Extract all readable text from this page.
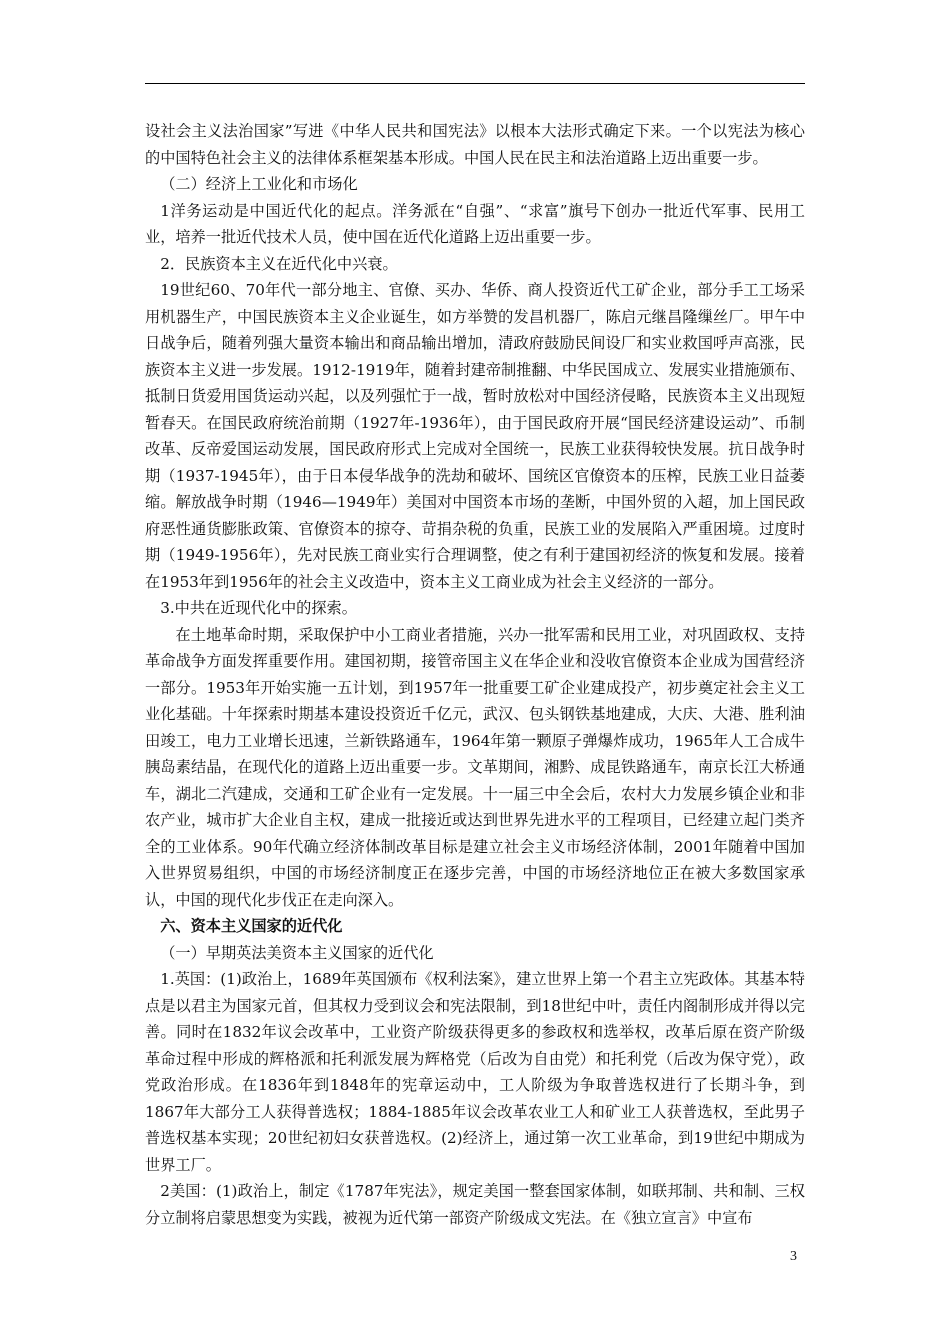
设社会主义法治国家”写进《中华人民共和国宪法》以根本大法形式确定下来。一个以宪法为核心的中国特色社会主义的法律体系框架基本形成。中国人民在民主和法治道路上迈出重要一步。

（二）经济上工业化和市场化

1洋务运动是中国近代化的起点。洋务派在“自强”、“求富”旗号下创办一批近代军事、民用工业，培养一批近代技术人员，使中国在近代化道路上迈出重要一步。

2．民族资本主义在近代化中兴衰。

19世纪60、70年代一部分地主、官僚、买办、华侨、商人投资近代工矿企业，部分手工工场采用机器生产，中国民族资本主义企业诞生，如方举赞的发昌机器厂，陈启元继昌隆缫丝厂。甲午中日战争后，随着列强大量资本输出和商品输出增加，清政府鼓励民间设厂和实业救国呼声高涨，民族资本主义进一步发展。1912-1919年，随着封建帝制推翻、中华民国成立、发展实业措施颁布、抵制日货爱用国货运动兴起，以及列强忙于一战，暂时放松对中国经济侵略，民族资本主义出现短暂春天。在国民政府统治前期（1927年-1936年），由于国民政府开展“国民经济建设运动”、币制改革、反帝爱国运动发展，国民政府形式上完成对全国统一，民族工业获得较快发展。抗日战争时期（1937-1945年），由于日本侵华战争的洗劫和破坏、国统区官僚资本的压榨，民族工业日益萎缩。解放战争时期（1946—1949年）美国对中国资本市场的垄断，中国外贸的入超，加上国民政府恶性通货膨胀政策、官僚资本的掠夺、苛捐杂税的负重，民族工业的发展陷入严重困境。过度时期（1949-1956年），先对民族工商业实行合理调整，使之有利于建国初经济的恢复和发展。接着在1953年到1956年的社会主义改造中，资本主义工商业成为社会主义经济的一部分。

3.中共在近现代化中的探索。

在土地革命时期，采取保护中小工商业者措施，兴办一批军需和民用工业，对巩固政权、支持革命战争方面发挥重要作用。建国初期，接管帝国主义在华企业和没收官僚资本企业成为国营经济一部分。1953年开始实施一五计划，到1957年一批重要工矿企业建成投产，初步奠定社会主义工业化基础。十年探索时期基本建设投资近千亿元，武汉、包头钢铁基地建成，大庆、大港、胜利油田竣工，电力工业增长迅速，兰新铁路通车，1964年第一颗原子弹爆炸成功，1965年人工合成牛胰岛素结晶，在现代化的道路上迈出重要一步。文革期间，湘黔、成昆铁路通车，南京长江大桥通车，湖北二汽建成，交通和工矿企业有一定发展。十一届三中全会后，农村大力发展乡镇企业和非农产业，城市扩大企业自主权，建成一批接近或达到世界先进水平的工程项目，已经建立起门类齐全的工业体系。90年代确立经济体制改革目标是建立社会主义市场经济体制，2001年随着中国加入世界贸易组织，中国的市场经济制度正在逐步完善，中国的市场经济地位正在被大多数国家承认，中国的现代化步伐正在走向深入。

六、资本主义国家的近代化

（一）早期英法美资本主义国家的近代化

1.英国：(1)政治上，1689年英国颁布《权利法案》，建立世界上第一个君主立宪政体。其基本特点是以君主为国家元首，但其权力受到议会和宪法限制，到18世纪中叶，责任内阁制形成并得以完善。同时在1832年议会改革中，工业资产阶级获得更多的参政权和选举权，改革后原在资产阶级革命过程中形成的辉格派和托利派发展为辉格党（后改为自由党）和托利党（后改为保守党），政党政治形成。在1836年到1848年的宪章运动中，工人阶级为争取普选权进行了长期斗争，到1867年大部分工人获得普选权；1884-1885年议会改革农业工人和矿业工人获普选权，至此男子普选权基本实现；20世纪初妇女获普选权。(2)经济上，通过第一次工业革命，到19世纪中期成为世界工厂。

2美国：(1)政治上，制定《1787年宪法》，规定美国一整套国家体制，如联邦制、共和制、三权分立制将启蒙思想变为实践，被视为近代第一部资产阶级成文宪法。在《独立宣言》中宣布

3
